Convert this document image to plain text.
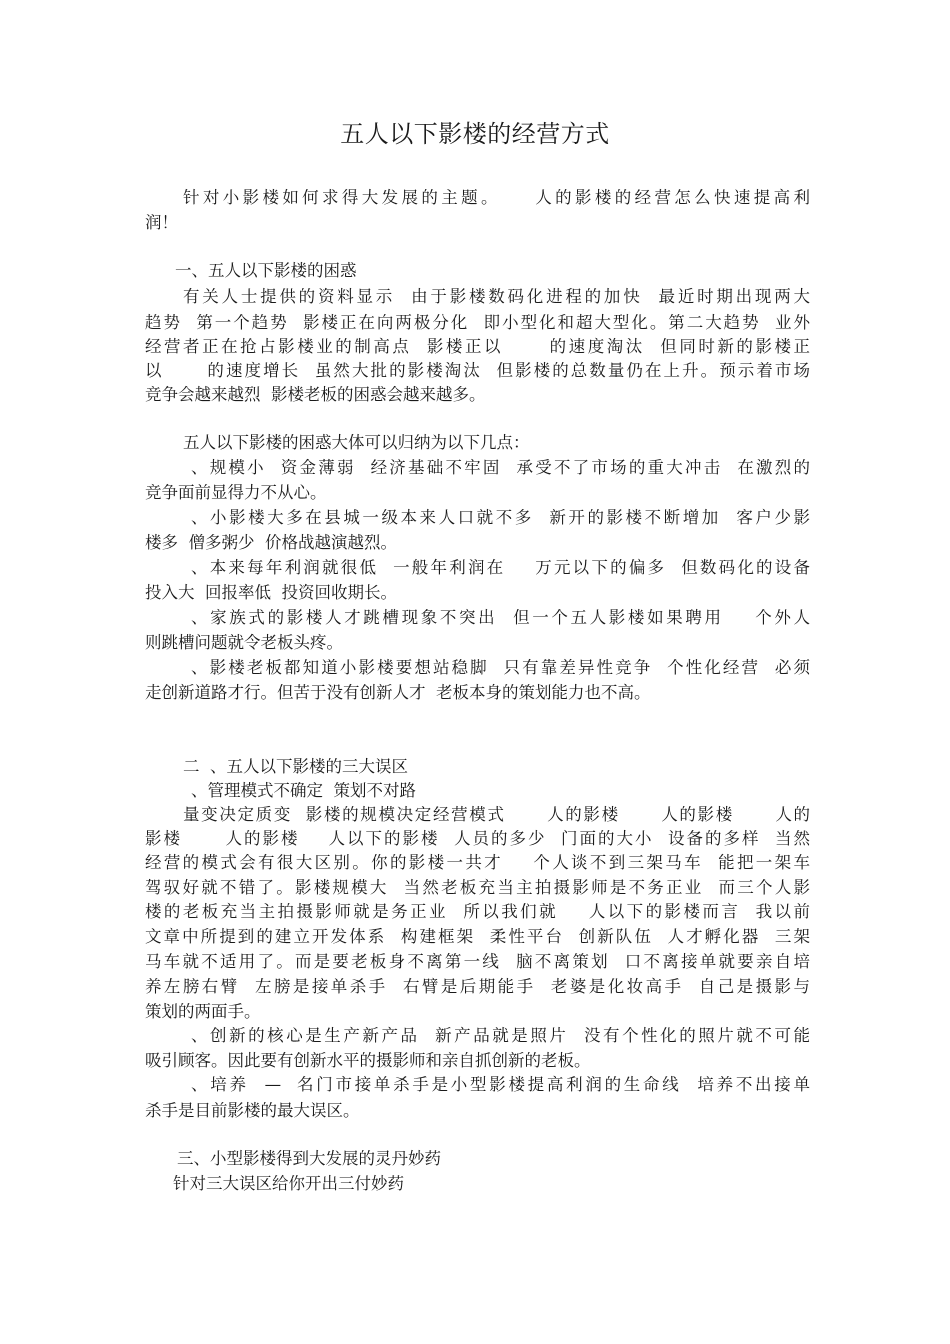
五人以下影楼的经营方式
针对小影楼如何求得大发展的主题。    人的影楼的经营怎么快速提高利
润！
一、五人以下影楼的困惑
有关人士提供的资料显示  由于影楼数码化进程的加快  最近时期出现两大
趋势  第一个趋势  影楼正在向两极分化  即小型化和超大型化。第二大趋势  业外
经营者正在抢占影楼业的制高点  影楼正以      的速度淘汰  但同时新的影楼正
以      的速度增长  虽然大批的影楼淘汰  但影楼的总数量仍在上升。预示着市场
竞争会越来越烈  影楼老板的困惑会越来越多。
五人以下影楼的困惑大体可以归纳为以下几点：
、规模小  资金薄弱  经济基础不牢固  承受不了市场的重大冲击  在激烈的
竞争面前显得力不从心。
、小影楼大多在县城一级本来人口就不多  新开的影楼不断增加  客户少影
楼多  僧多粥少  价格战越演越烈。
、本来每年利润就很低  一般年利润在    万元以下的偏多  但数码化的设备
投入大  回报率低  投资回收期长。
、家族式的影楼人才跳槽现象不突出  但一个五人影楼如果聘用    个外人
则跳槽问题就令老板头疼。
、影楼老板都知道小影楼要想站稳脚  只有靠差异性竞争  个性化经营  必须
走创新道路才行。但苦于没有创新人才  老板本身的策划能力也不高。
二  、五人以下影楼的三大误区
、管理模式不确定  策划不对路
量变决定质变  影楼的规模决定经营模式      人的影楼      人的影楼      人的
影楼      人的影楼    人以下的影楼  人员的多少  门面的大小  设备的多样  当然
经营的模式会有很大区别。你的影楼一共才    个人谈不到三架马车  能把一架车
驾驭好就不错了。影楼规模大  当然老板充当主拍摄影师是不务正业  而三个人影
楼的老板充当主拍摄影师就是务正业  所以我们就    人以下的影楼而言  我以前
文章中所提到的建立开发体系  构建框架  柔性平台  创新队伍  人才孵化器  三架
马车就不适用了。而是要老板身不离第一线  脑不离策划  口不离接单就要亲自培
养左膀右臂  左膀是接单杀手  右臂是后期能手  老婆是化妆高手  自己是摄影与
策划的两面手。
、创新的核心是生产新产品  新产品就是照片  没有个性化的照片就不可能
吸引顾客。因此要有创新水平的摄影师和亲自抓创新的老板。
、培养  —  名门市接单杀手是小型影楼提高利润的生命线  培养不出接单
杀手是目前影楼的最大误区。
三、小型影楼得到大发展的灵丹妙药
针对三大误区给你开出三付妙药
